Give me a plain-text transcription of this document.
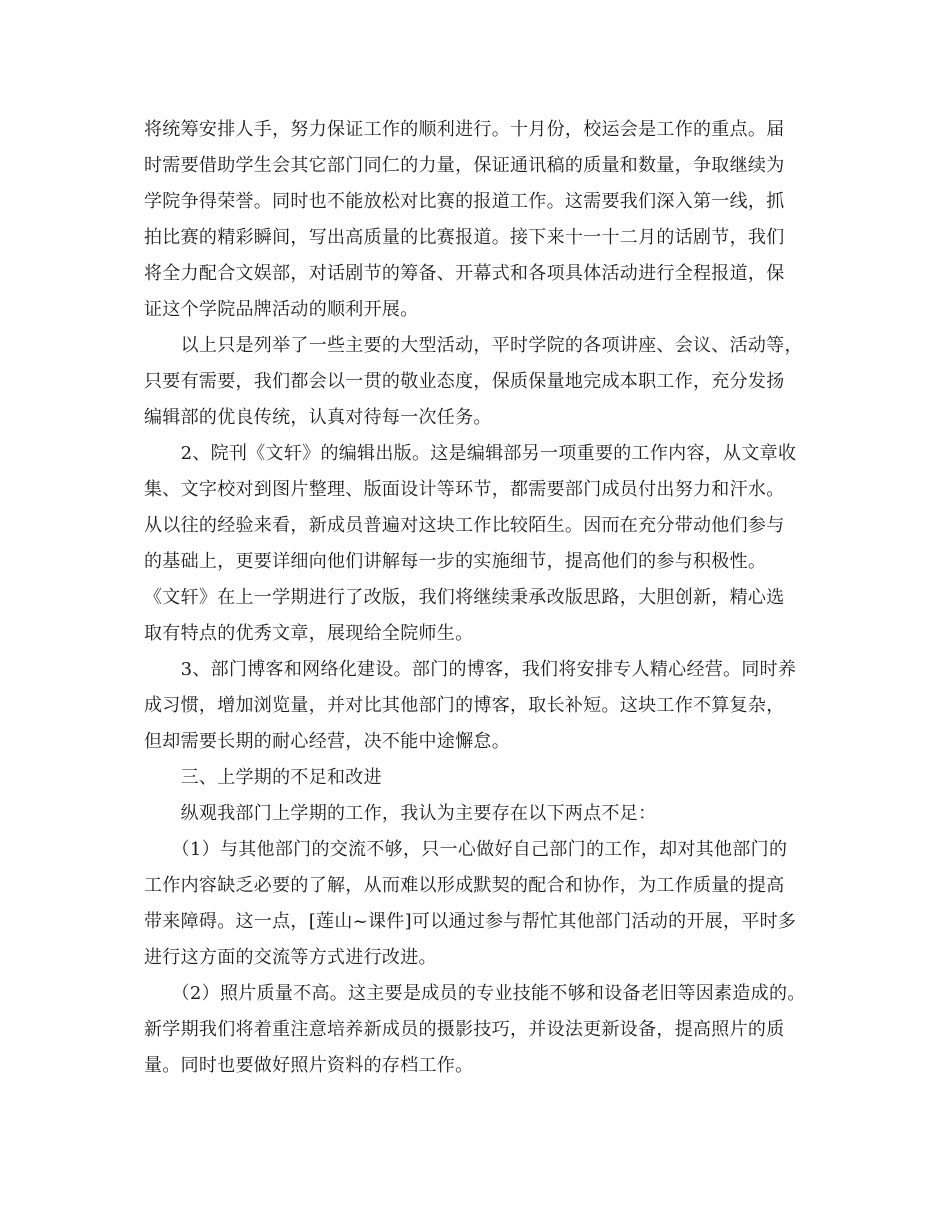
将统筹安排人手，努力保证工作的顺利进行。十月份，校运会是工作的重点。届

时需要借助学生会其它部门同仁的力量，保证通讯稿的质量和数量，争取继续为

学院争得荣誉。同时也不能放松对比赛的报道工作。这需要我们深入第一线，抓

拍比赛的精彩瞬间，写出高质量的比赛报道。接下来十一十二月的话剧节，我们

将全力配合文娱部，对话剧节的筹备、开幕式和各项具体活动进行全程报道，保

证这个学院品牌活动的顺利开展。

　　以上只是列举了一些主要的大型活动，平时学院的各项讲座、会议、活动等，

只要有需要，我们都会以一贯的敬业态度，保质保量地完成本职工作，充分发扬

编辑部的优良传统，认真对待每一次任务。

　　2、院刊《文轩》的编辑出版。这是编辑部另一项重要的工作内容，从文章收

集、文字校对到图片整理、版面设计等环节，都需要部门成员付出努力和汗水。

从以往的经验来看，新成员普遍对这块工作比较陌生。因而在充分带动他们参与

的基础上，更要详细向他们讲解每一步的实施细节，提高他们的参与积极性。

《文轩》在上一学期进行了改版，我们将继续秉承改版思路，大胆创新，精心选

取有特点的优秀文章，展现给全院师生。

　　3、部门博客和网络化建设。部门的博客，我们将安排专人精心经营。同时养

成习惯，增加浏览量，并对比其他部门的博客，取长补短。这块工作不算复杂，

但却需要长期的耐心经营，决不能中途懈怠。

　　三、上学期的不足和改进

　　纵观我部门上学期的工作，我认为主要存在以下两点不足：

　　（1）与其他部门的交流不够，只一心做好自己部门的工作，却对其他部门的

工作内容缺乏必要的了解，从而难以形成默契的配合和协作，为工作质量的提高

带来障碍。这一点，[莲山~课件]可以通过参与帮忙其他部门活动的开展，平时多

进行这方面的交流等方式进行改进。

　　（2）照片质量不高。这主要是成员的专业技能不够和设备老旧等因素造成的。

新学期我们将着重注意培养新成员的摄影技巧，并设法更新设备，提高照片的质

量。同时也要做好照片资料的存档工作。
